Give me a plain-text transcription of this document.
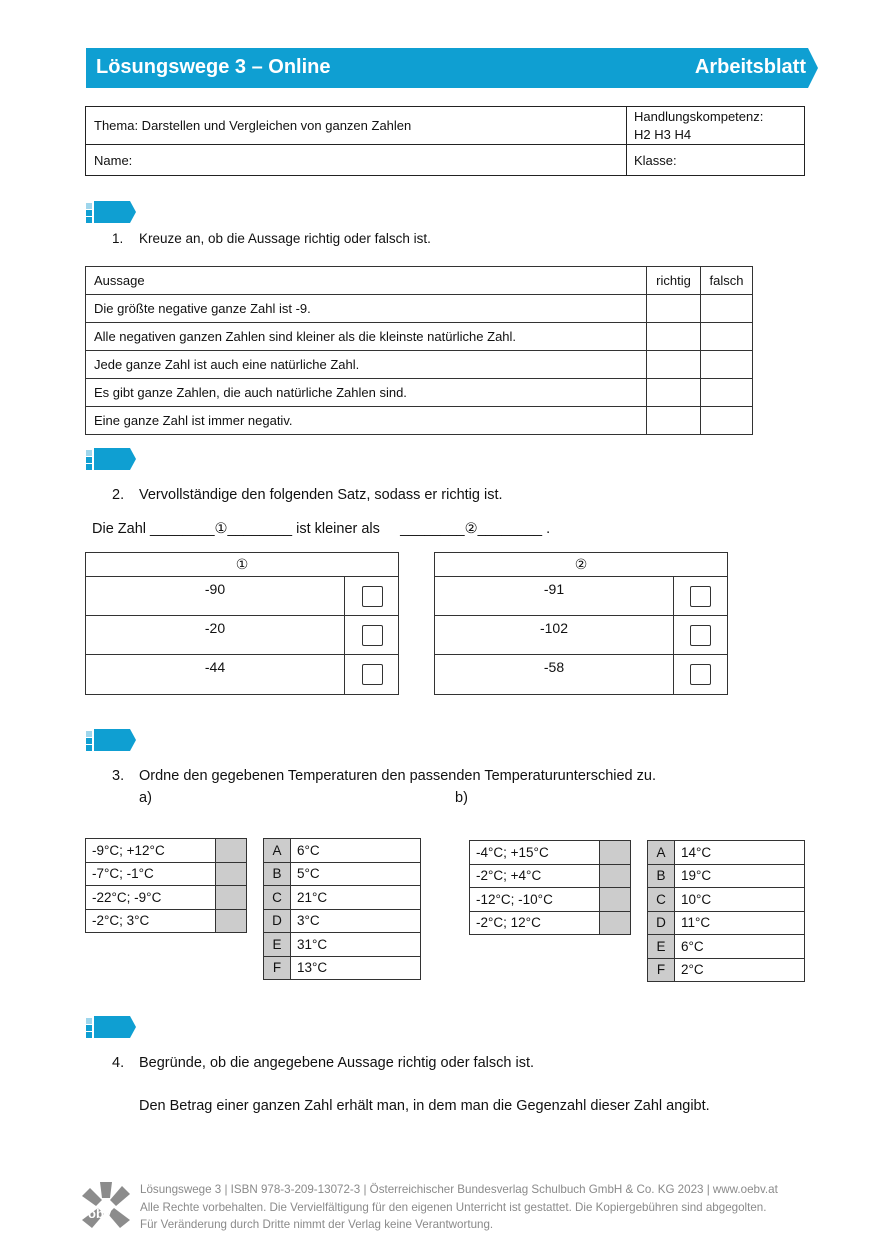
Lösungswege 3 – Online	Arbeitsblatt
Thema: Darstellen und Vergleichen von ganzen Zahlen
Handlungskompetenz:
H2 H3 H4
Name:	Klasse:
1. Kreuze an, ob die Aussage richtig oder falsch ist.
Aussage	richtig	falsch
Die größte negative ganze Zahl ist -9.		
Alle negativen ganzen Zahlen sind kleiner als die kleinste natürliche Zahl.		
Jede ganze Zahl ist auch eine natürliche Zahl.		
Es gibt ganze Zahlen, die auch natürliche Zahlen sind.		
Eine ganze Zahl ist immer negativ.		
2. Vervollständige den folgenden Satz, sodass er richtig ist.
Die Zahl ________①________ ist kleiner als ________②________ .
①
-90
-20
-44
②
-91
-102
-58
3. Ordne den gegebenen Temperaturen den passenden Temperaturunterschied zu.
a)	b)
-9°C; +12°C	
-7°C; -1°C	
-22°C; -9°C	
-2°C; 3°C	
A	6°C
B	5°C
C	21°C
D	3°C
E	31°C
F	13°C
-4°C; +15°C	
-2°C; +4°C	
-12°C; -10°C	
-2°C; 12°C	
A	14°C
B	19°C
C	10°C
D	11°C
E	6°C
F	2°C
4. Begründe, ob die angegebene Aussage richtig oder falsch ist.
Den Betrag einer ganzen Zahl erhält man, in dem man die Gegenzahl dieser Zahl angibt.
öbv
Lösungswege 3 | ISBN 978-3-209-13072-3 | Österreichischer Bundesverlag Schulbuch GmbH & Co. KG 2023 | www.oebv.at
Alle Rechte vorbehalten. Die Vervielfältigung für den eigenen Unterricht ist gestattet. Die Kopiergebühren sind abgegolten.
Für Veränderung durch Dritte nimmt der Verlag keine Verantwortung.
